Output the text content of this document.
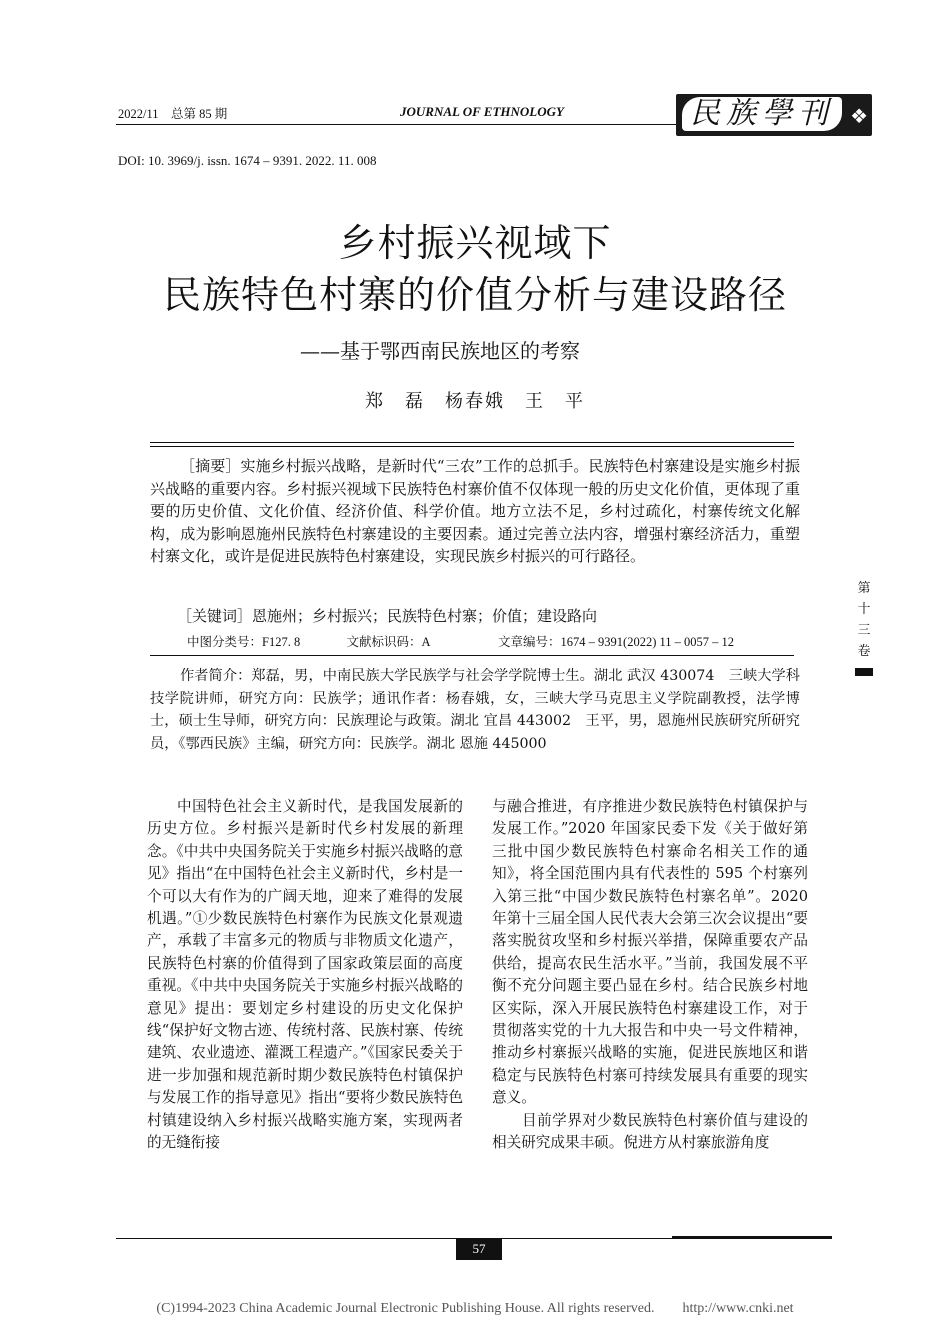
2022/11　总第 85 期	JOURNAL OF ETHNOLOGY	民族學刊 ❖
DOI: 10. 3969/j. issn. 1674 – 9391. 2022. 11. 008
乡村振兴视域下
民族特色村寨的价值分析与建设路径
——基于鄂西南民族地区的考察
郑　磊　杨春娥　王　平

［摘要］实施乡村振兴战略，是新时代“三农”工作的总抓手。民族特色村寨建设是实施乡村振兴战略的重要内容。乡村振兴视域下民族特色村寨价值不仅体现一般的历史文化价值，更体现了重要的历史价值、文化价值、经济价值、科学价值。地方立法不足，乡村过疏化，村寨传统文化解构，成为影响恩施州民族特色村寨建设的主要因素。通过完善立法内容，增强村寨经济活力，重塑村寨文化，或许是促进民族特色村寨建设，实现民族乡村振兴的可行路径。

［关键词］恩施州；乡村振兴；民族特色村寨；价值；建设路向
中图分类号：F127. 8	文献标识码：A	文章编号：1674 – 9391(2022) 11 – 0057 – 12

作者简介：郑磊，男，中南民族大学民族学与社会学学院博士生。湖北 武汉 430074　三峡大学科技学院讲师，研究方向：民族学；通讯作者：杨春娥，女，三峡大学马克思主义学院副教授，法学博士，硕士生导师，研究方向：民族理论与政策。湖北 宜昌 443002　王平，男，恩施州民族研究所研究员，《鄂西民族》主编，研究方向：民族学。湖北 恩施 445000

中国特色社会主义新时代，是我国发展新的历史方位。乡村振兴是新时代乡村发展的新理念。《中共中央国务院关于实施乡村振兴战略的意见》指出“在中国特色社会主义新时代，乡村是一个可以大有作为的广阔天地，迎来了难得的发展机遇。”①少数民族特色村寨作为民族文化景观遗产，承载了丰富多元的物质与非物质文化遗产，民族特色村寨的价值得到了国家政策层面的高度重视。《中共中央国务院关于实施乡村振兴战略的意见》提出：要划定乡村建设的历史文化保护线“保护好文物古迹、传统村落、民族村寨、传统建筑、农业遗迹、灌溉工程遗产。”《国家民委关于进一步加强和规范新时期少数民族特色村镇保护与发展工作的指导意见》指出“要将少数民族特色村镇建设纳入乡村振兴战略实施方案，实现两者的无缝衔接

与融合推进，有序推进少数民族特色村镇保护与发展工作。”2020 年国家民委下发《关于做好第三批中国少数民族特色村寨命名相关工作的通知》，将全国范围内具有代表性的 595 个村寨列入第三批“中国少数民族特色村寨名单”。2020 年第十三届全国人民代表大会第三次会议提出“要落实脱贫攻坚和乡村振兴举措，保障重要农产品供给，提高农民生活水平。”当前，我国发展不平衡不充分问题主要凸显在乡村。结合民族乡村地区实际，深入开展民族特色村寨建设工作，对于贯彻落实党的十九大报告和中央一号文件精神，推动乡村寨振兴战略的实施，促进民族地区和谐稳定与民族特色村寨可持续发展具有重要的现实意义。

目前学界对少数民族特色村寨价值与建设的相关研究成果丰硕。倪进方从村寨旅游角度

第
十
三
卷
57
(C)1994-2023 China Academic Journal Electronic Publishing House. All rights reserved.　　http://www.cnki.net
